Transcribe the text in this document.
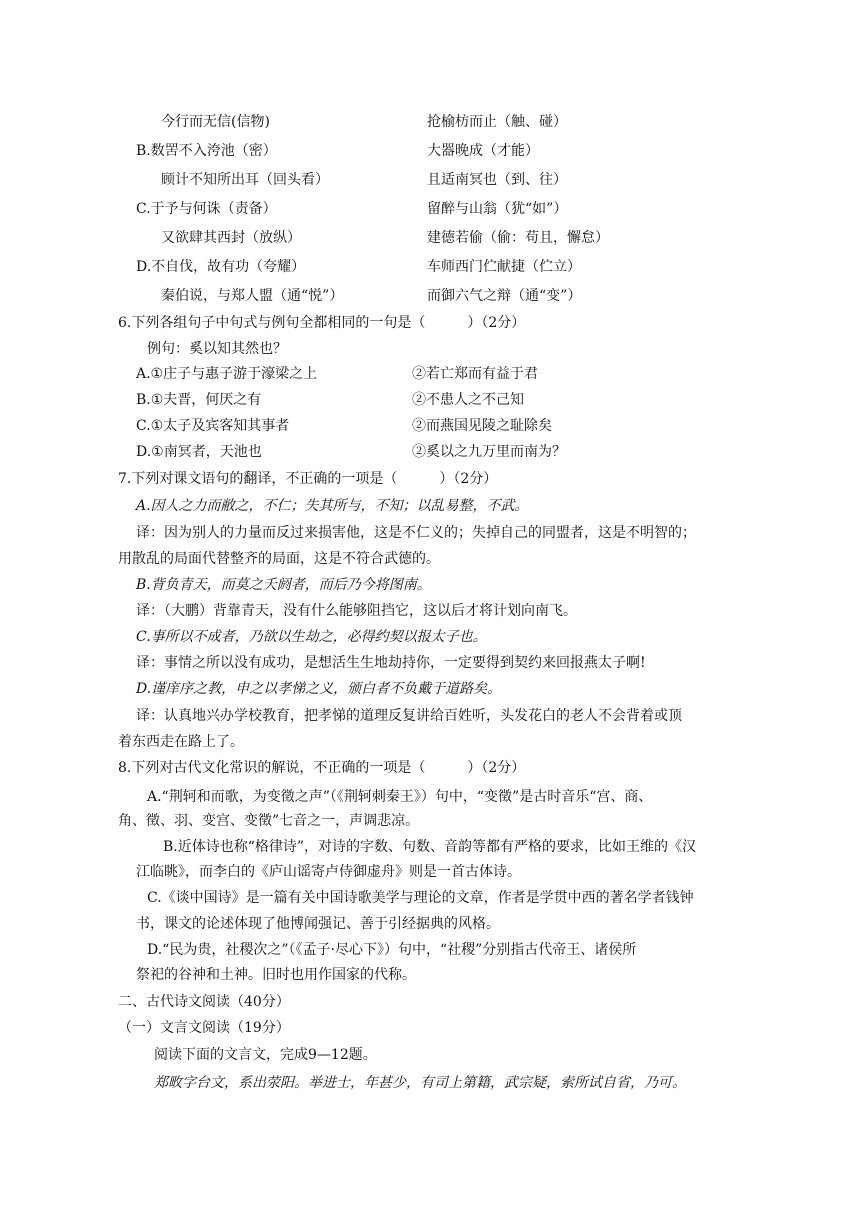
今行而无信(信物)	抢榆枋而止（触、碰）
B.数罟不入洿池（密）	大器晚成（才能）
顾计不知所出耳（回头看）	且适南冥也（到、往）
C.于予与何诛（责备）	留醉与山翁（犹“如”）
又欲肆其西封（放纵）	建德若偷（偷：苟且，懈怠）
D.不自伐，故有功（夸耀）	车师西门伫献捷（伫立）
秦伯说，与郑人盟（通“悦”）	而御六气之辩（通“变”）
6.下列各组句子中句式与例句全都相同的一句是（　　　）（2分）
例句：奚以知其然也？
A.①庄子与惠子游于濠梁之上	②若亡郑而有益于君
B.①夫晋，何厌之有	②不患人之不己知
C.①太子及宾客知其事者	②而燕国见陵之耻除矣
D.①南冥者，天池也	②奚以之九万里而南为？
7.下列对课文语句的翻译，不正确的一项是（　　　）（2分）
A.因人之力而敝之，不仁；失其所与，不知；以乱易整，不武。
译：因为别人的力量而反过来损害他，这是不仁义的；失掉自己的同盟者，这是不明智的；
用散乱的局面代替整齐的局面，这是不符合武德的。
B.背负青天，而莫之夭阏者，而后乃今将图南。
译：（大鹏）背靠青天，没有什么能够阻挡它，这以后才将计划向南飞。
C.事所以不成者，乃欲以生劫之，必得约契以报太子也。
译：事情之所以没有成功，是想活生生地劫持你，一定要得到契约来回报燕太子啊!
D.谨庠序之教，申之以孝悌之义，颁白者不负戴于道路矣。
译：认真地兴办学校教育，把孝悌的道理反复讲给百姓听，头发花白的老人不会背着或顶
着东西走在路上了。
8.下列对古代文化常识的解说，不正确的一项是（　　　）（2分）
A.“荆轲和而歌，为变徵之声”（《荆轲刺秦王》）句中，“变徵”是古时音乐“宫、商、
角、徵、羽、变宫、变徵”七音之一，声调悲凉。
B.近体诗也称“格律诗”，对诗的字数、句数、音韵等都有严格的要求，比如王维的《汉
江临眺》，而李白的《庐山谣寄卢侍御虚舟》则是一首古体诗。
C.《谈中国诗》是一篇有关中国诗歌美学与理论的文章，作者是学贯中西的著名学者钱钟
书，课文的论述体现了他博闻强记、善于引经据典的风格。
D.“民为贵，社稷次之”（《孟子·尽心下》）句中，“社稷”分别指古代帝王、诸侯所
祭祀的谷神和土神。旧时也用作国家的代称。
二、古代诗文阅读（40分）
（一）文言文阅读（19分）
阅读下面的文言文，完成9—12题。
郑畋字台文，系出荥阳。举进士，年甚少，有司上第籍，武宗疑，索所试自省，乃可。
